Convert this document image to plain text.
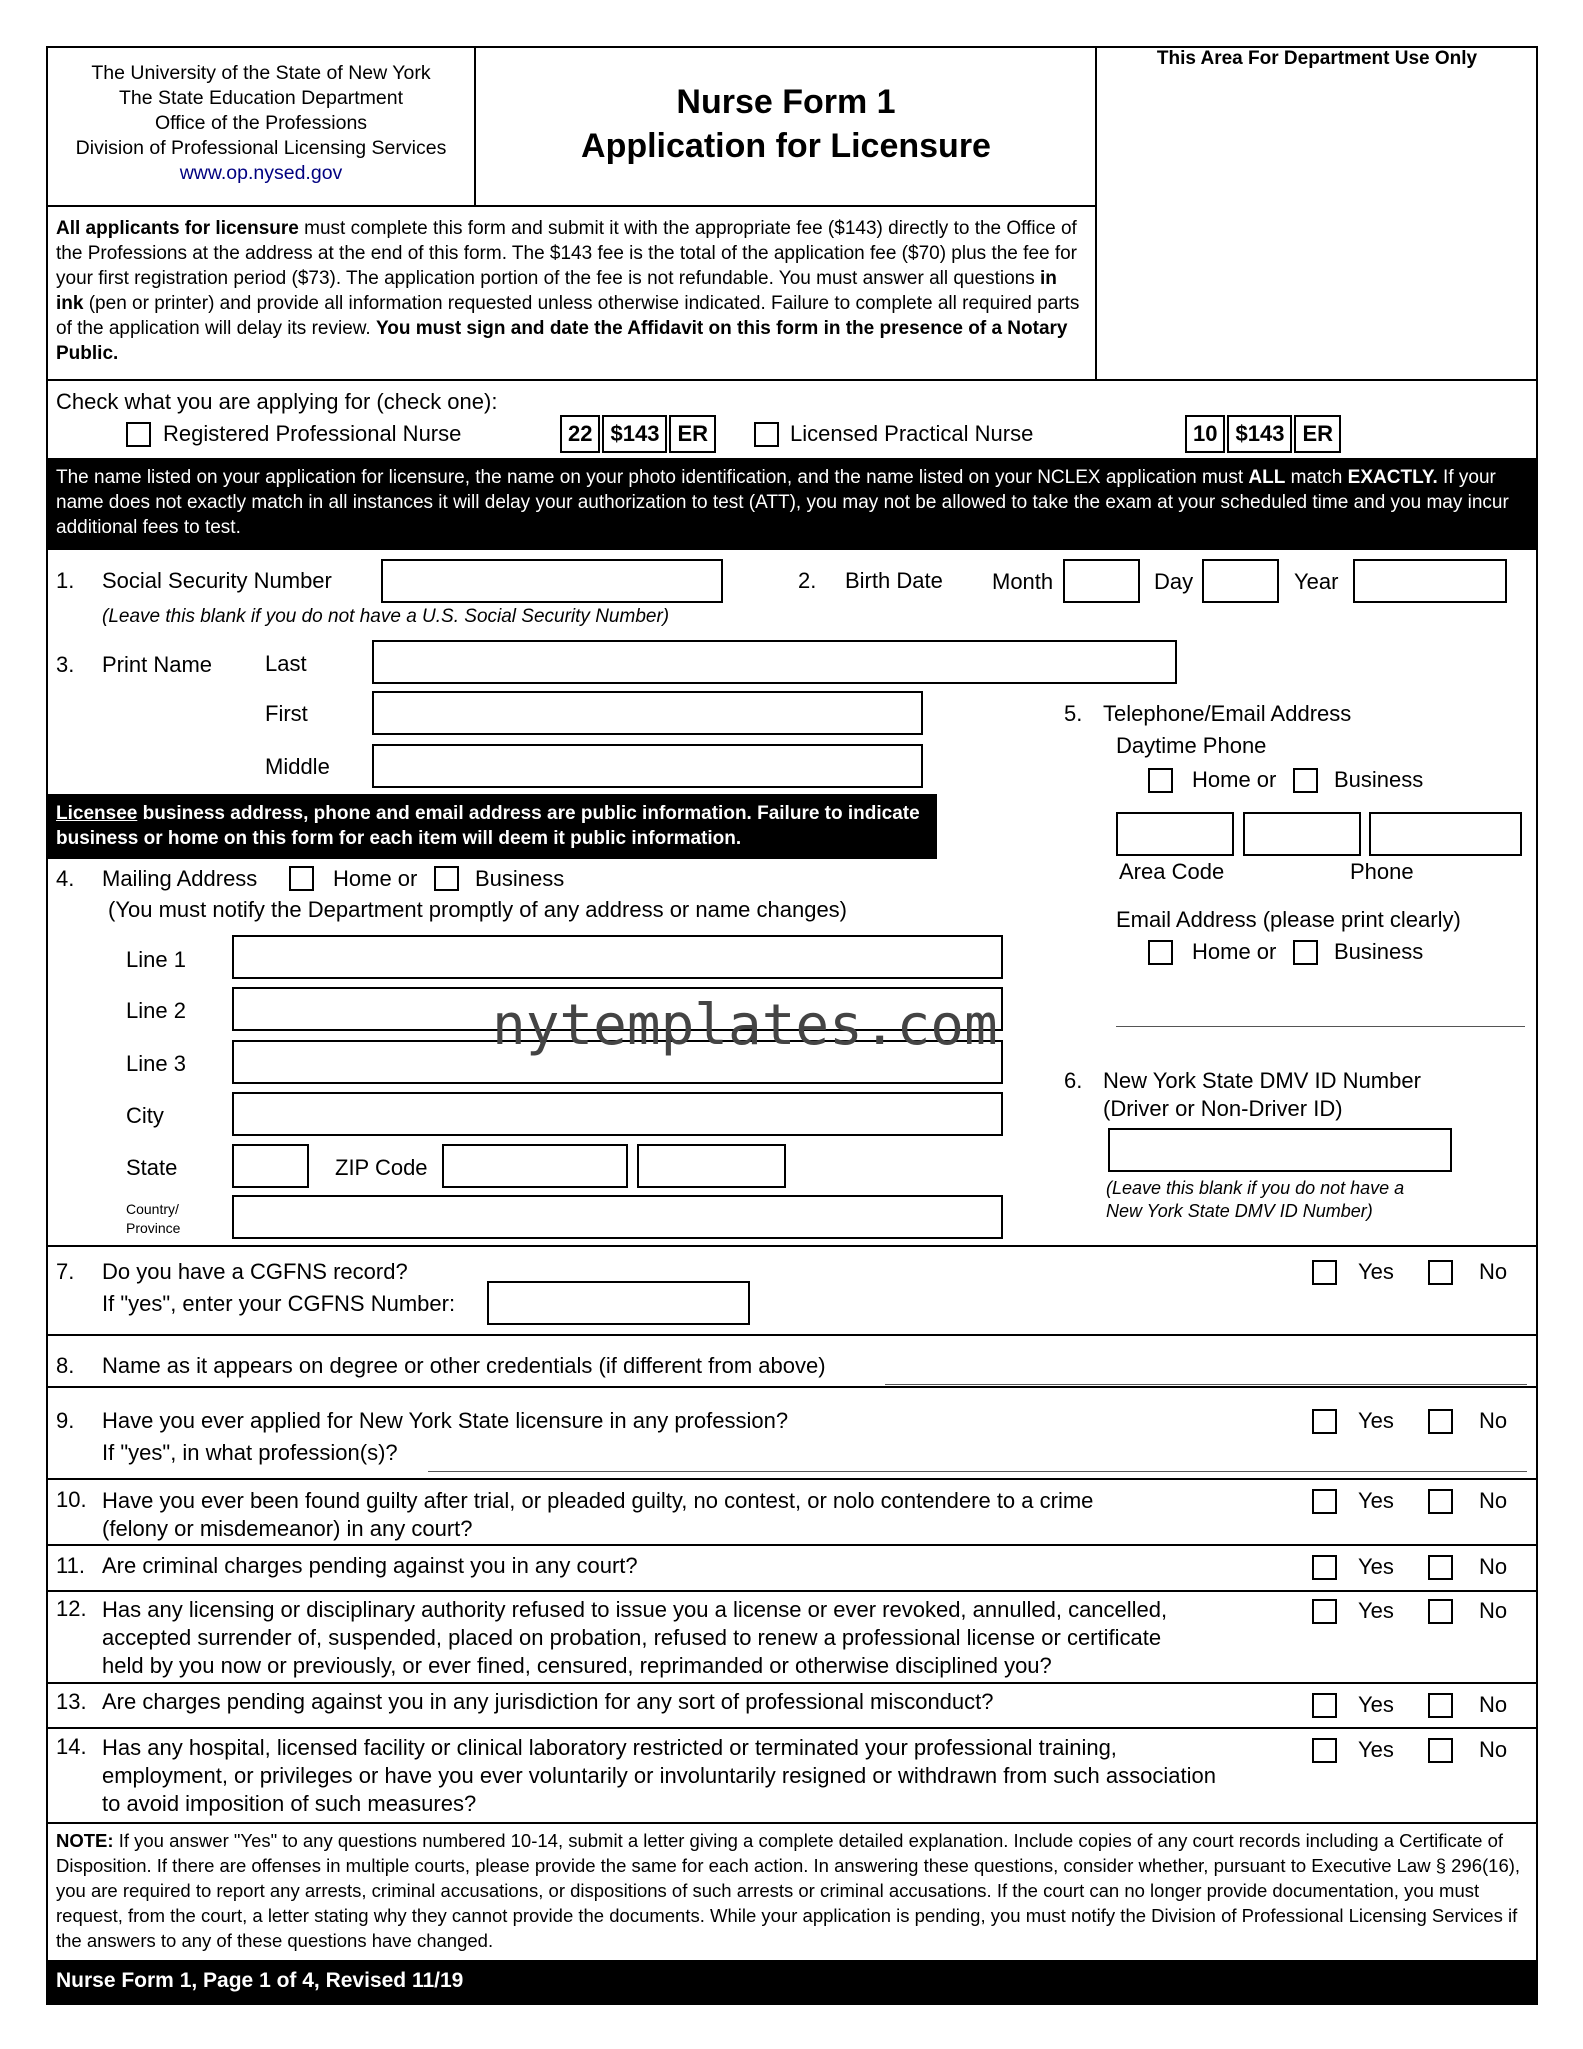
The University of the State of New York
The State Education Department
Office of the Professions
Division of Professional Licensing Services
www.op.nysed.gov
Nurse Form 1
Application for Licensure
This Area For Department Use Only
All applicants for licensure must complete this form and submit it with the appropriate fee ($143) directly to the Office of the Professions at the address at the end of this form. The $143 fee is the total of the application fee ($70) plus the fee for your first registration period ($73). The application portion of the fee is not refundable. You must answer all questions in ink (pen or printer) and provide all information requested unless otherwise indicated. Failure to complete all required parts of the application will delay its review. You must sign and date the Affidavit on this form in the presence of a Notary Public.
Check what you are applying for (check one):
Registered Professional Nurse	22 $143 ER	Licensed Practical Nurse	10 $143 ER
The name listed on your application for licensure, the name on your photo identification, and the name listed on your NCLEX application must ALL match EXACTLY. If your name does not exactly match in all instances it will delay your authorization to test (ATT), you may not be allowed to take the exam at your scheduled time and you may incur additional fees to test.
1. Social Security Number
(Leave this blank if you do not have a U.S. Social Security Number)
2. Birth Date Month	Day	Year
3. Print Name Last
First
Middle
Licensee business address, phone and email address are public information. Failure to indicate business or home on this form for each item will deem it public information.
4. Mailing Address	Home or	Business
(You must notify the Department promptly of any address or name changes)
Line 1
Line 2
Line 3
City
State	ZIP Code
Country/
Province
5. Telephone/Email Address
Daytime Phone
Home or	Business
Area Code	Phone
Email Address (please print clearly)
Home or	Business
nytemplates.com
6. New York State DMV ID Number
(Driver or Non-Driver ID)
(Leave this blank if you do not have a
New York State DMV ID Number)
7. Do you have a CGFNS record?
If "yes", enter your CGFNS Number:
Yes	No
8. Name as it appears on degree or other credentials (if different from above)
9. Have you ever applied for New York State licensure in any profession?
If "yes", in what profession(s)?
Yes	No
10. Have you ever been found guilty after trial, or pleaded guilty, no contest, or nolo contendere to a crime
(felony or misdemeanor) in any court?
Yes	No
11. Are criminal charges pending against you in any court?	Yes	No
12. Has any licensing or disciplinary authority refused to issue you a license or ever revoked, annulled, cancelled,
accepted surrender of, suspended, placed on probation, refused to renew a professional license or certificate
held by you now or previously, or ever fined, censured, reprimanded or otherwise disciplined you?
Yes	No
13. Are charges pending against you in any jurisdiction for any sort of professional misconduct?	Yes	No
14. Has any hospital, licensed facility or clinical laboratory restricted or terminated your professional training,
employment, or privileges or have you ever voluntarily or involuntarily resigned or withdrawn from such association
to avoid imposition of such measures?
Yes	No
NOTE: If you answer "Yes" to any questions numbered 10-14, submit a letter giving a complete detailed explanation. Include copies of any court records including a Certificate of Disposition. If there are offenses in multiple courts, please provide the same for each action. In answering these questions, consider whether, pursuant to Executive Law § 296(16), you are required to report any arrests, criminal accusations, or dispositions of such arrests or criminal accusations. If the court can no longer provide documentation, you must request, from the court, a letter stating why they cannot provide the documents. While your application is pending, you must notify the Division of Professional Licensing Services if the answers to any of these questions have changed.
Nurse Form 1, Page 1 of 4, Revised 11/19
